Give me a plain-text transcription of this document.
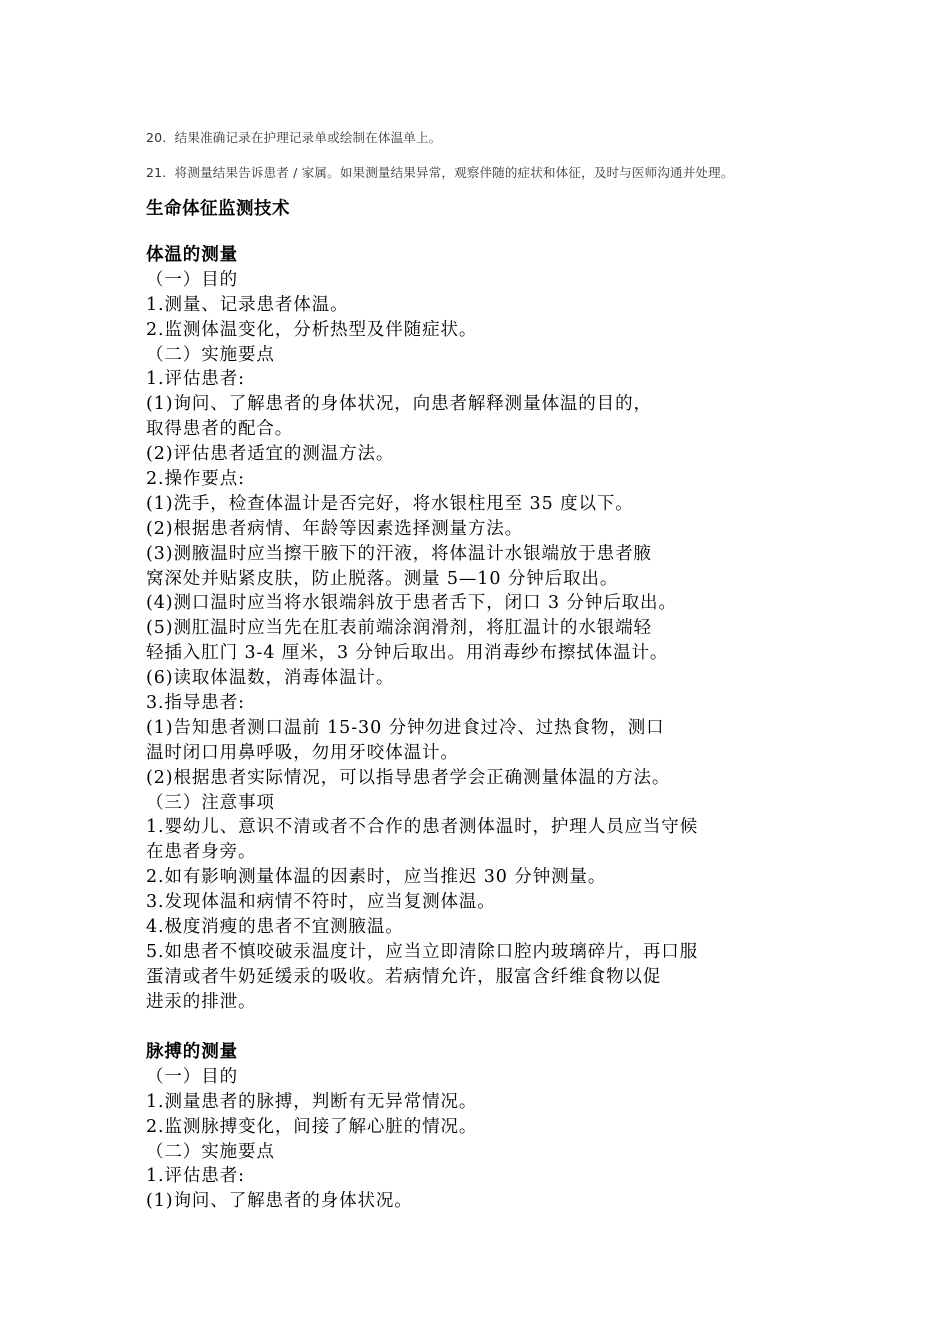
20. 结果准确记录在护理记录单或绘制在体温单上。
21. 将测量结果告诉患者 / 家属。如果测量结果异常，观察伴随的症状和体征，及时与医师沟通并处理。
生命体征监测技术
体温的测量
（一）目的
1.测量、记录患者体温。
2.监测体温变化，分析热型及伴随症状。
（二）实施要点
1.评估患者:
(1)询问、了解患者的身体状况，向患者解释测量体温的目的，
取得患者的配合。
(2)评估患者适宜的测温方法。
2.操作要点:
(1)洗手，检查体温计是否完好，将水银柱甩至 35 度以下。
(2)根据患者病情、年龄等因素选择测量方法。
(3)测腋温时应当擦干腋下的汗液，将体温计水银端放于患者腋
窝深处并贴紧皮肤，防止脱落。测量 5—10 分钟后取出。
(4)测口温时应当将水银端斜放于患者舌下，闭口 3 分钟后取出。
(5)测肛温时应当先在肛表前端涂润滑剂，将肛温计的水银端轻
轻插入肛门 3-4 厘米，3 分钟后取出。用消毒纱布擦拭体温计。
(6)读取体温数，消毒体温计。
3.指导患者:
(1)告知患者测口温前 15-30 分钟勿进食过冷、过热食物，测口
温时闭口用鼻呼吸，勿用牙咬体温计。
(2)根据患者实际情况，可以指导患者学会正确测量体温的方法。
（三）注意事项
1.婴幼儿、意识不清或者不合作的患者测体温时，护理人员应当守候
在患者身旁。
2.如有影响测量体温的因素时，应当推迟 30 分钟测量。
3.发现体温和病情不符时，应当复测体温。
4.极度消瘦的患者不宜测腋温。
5.如患者不慎咬破汞温度计，应当立即清除口腔内玻璃碎片，再口服
蛋清或者牛奶延缓汞的吸收。若病情允许，服富含纤维食物以促
进汞的排泄。
脉搏的测量
（一）目的
1.测量患者的脉搏，判断有无异常情况。
2.监测脉搏变化，间接了解心脏的情况。
（二）实施要点
1.评估患者:
(1)询问、了解患者的身体状况。
